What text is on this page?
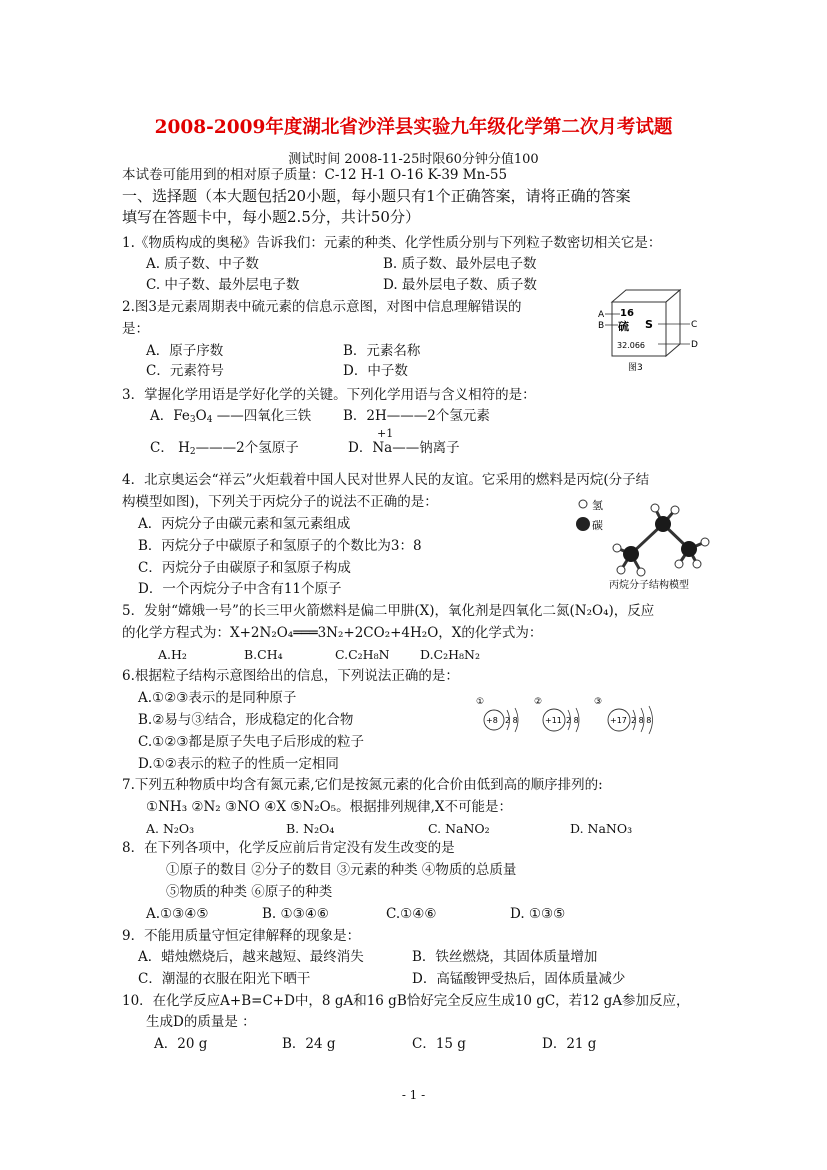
2008-2009年度湖北省沙洋县实验九年级化学第二次月考试题
测试时间 2008-11-25时限60分钟分值100
本试卷可能用到的相对原子质量：C-12 H-1 O-16 K-39 Mn-55
一、选择题（本大题包括20小题，每小题只有1个正确答案，请将正确的答案
填写在答题卡中，每小题2.5分，共计50分）
1.《物质构成的奥秘》告诉我们：元素的种类、化学性质分别与下列粒子数密切相关它是：
A. 质子数、中子数	B. 质子数、最外层电子数
C. 中子数、最外层电子数	D. 最外层电子数、质子数
2.图3是元素周期表中硫元素的信息示意图，对图中信息理解错误的
是：
A．原子序数	B．元素名称
C．元素符号	D．中子数
16
硫 S
32.066
A
B	C
D
图3
3．掌握化学用语是学好化学的关键。下列化学用语与含义相符的是：
A．$Fe_3O_4$ ——四氧化三铁 B．2H———2个氢元素
C． $H_2———2$个氢原子
+1
D．Na——钠离子
4．北京奥运会“祥云”火炬载着中国人民对世界人民的友谊。它采用的燃料是丙烷(分子结
构模型如图)，下列关于丙烷分子的说法不正确的是：
A．丙烷分子由碳元素和氢元素组成
B．丙烷分子中碳原子和氢原子的个数比为3：8
C．丙烷分子由碳原子和氢原子构成
D．一个丙烷分子中含有11个原子
氢
碳
丙烷分子结构模型
5．发射“嫦娥一号”的长三甲火箭燃料是偏二甲肼(X)，氧化剂是四氧化二氮(N₂O₄)，反应
的化学方程式为：X+2N₂O₄═══3N₂+2CO₂+4H₂O，X的化学式为：
A.H₂	B.CH₄	C.C₂H₈N D.C₂H₈N₂
6.根据粒子结构示意图给出的信息，下列说法正确的是：
A.①②③表示的是同种原子
B.②易与③结合，形成稳定的化合物
C.①②③都是原子失电子后形成的粒子
D.①②表示的粒子的性质一定相同
①
+8 2 8
②
+11 2 8
③
+17 2 8 8
7.下列五种物质中均含有氮元素,它们是按氮元素的化合价由低到高的顺序排列的:
①NH₃ ②N₂ ③NO ④X ⑤N₂O₅。根据排列规律,X不可能是：
A. N₂O₃	B. N₂O₄	C. NaNO₂	D. NaNO₃
8．在下列各项中，化学反应前后肯定没有发生改变的是
①原子的数目 ②分子的数目 ③元素的种类 ④物质的总质量
⑤物质的种类 ⑥原子的种类
A.①③④⑤	B. ①③④⑥	C.①④⑥	D. ①③⑤
9．不能用质量守恒定律解释的现象是：
A．蜡烛燃烧后，越来越短、最终消失	B．铁丝燃烧，其固体质量增加
C．潮湿的衣服在阳光下晒干	D．高锰酸钾受热后，固体质量减少
10．在化学反应A+B=C+D中，8 gA和16 gB恰好完全反应生成10 gC，若12 gA参加反应，
生成D的质量是 ：
A．20 g	B．24 g	C．15 g	D．21 g
- 1 -
